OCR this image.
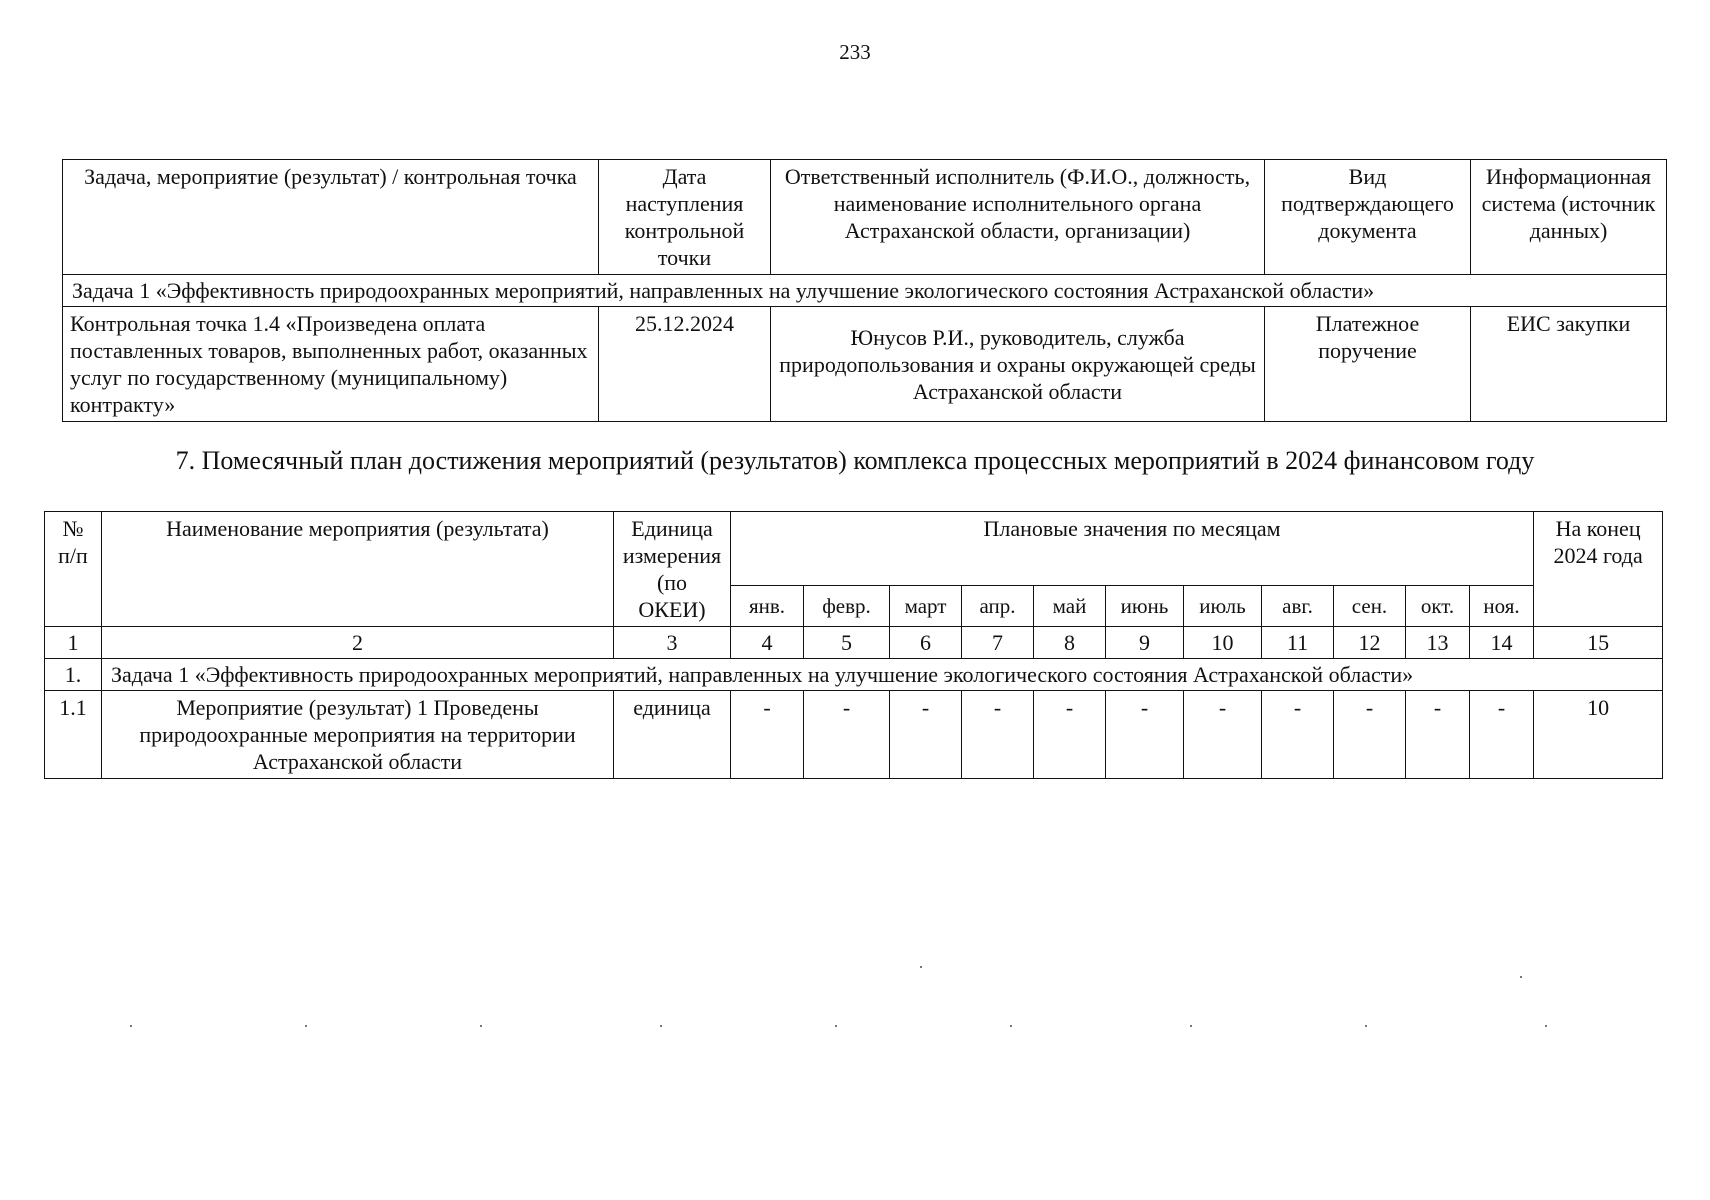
233
Задача, мероприятие (результат) / контрольная точка	Дата наступления контрольной точки	Ответственный исполнитель (Ф.И.О., должность, наименование исполнительного органа Астраханской области, организации)	Вид подтверждающего документа	Информационная система (источник данных)
Задача 1 «Эффективность природоохранных мероприятий, направленных на улучшение экологического состояния Астраханской области»				
Контрольная точка 1.4 «Произведена оплата поставленных товаров, выполненных работ, оказанных услуг по государственному (муниципальному) контракту»	25.12.2024	Юнусов Р.И., руководитель, служба природопользования и охраны окружающей среды Астраханской области	Платежное поручение	ЕИС закупки
7. Помесячный план достижения мероприятий (результатов) комплекса процессных мероприятий в 2024 финансовом году
№ п/п	Наименование мероприятия (результата)	Единица измерения (по ОКЕИ)	Плановые значения по месяцам											На конец 2024 года
			янв.	февр.	март	апр.	май	июнь	июль	авг.	сен.	окт.	ноя.	
1	2	3	4	5	6	7	8	9	10	11	12	13	14	15
1.	Задача 1 «Эффективность природоохранных мероприятий, направленных на улучшение экологического состояния Астраханской области»													
1.1	Мероприятие (результат) 1 Проведены природоохранные мероприятия на территории Астраханской области	единица	-	-	-	-	-	-	-	-	-	-	-	10
